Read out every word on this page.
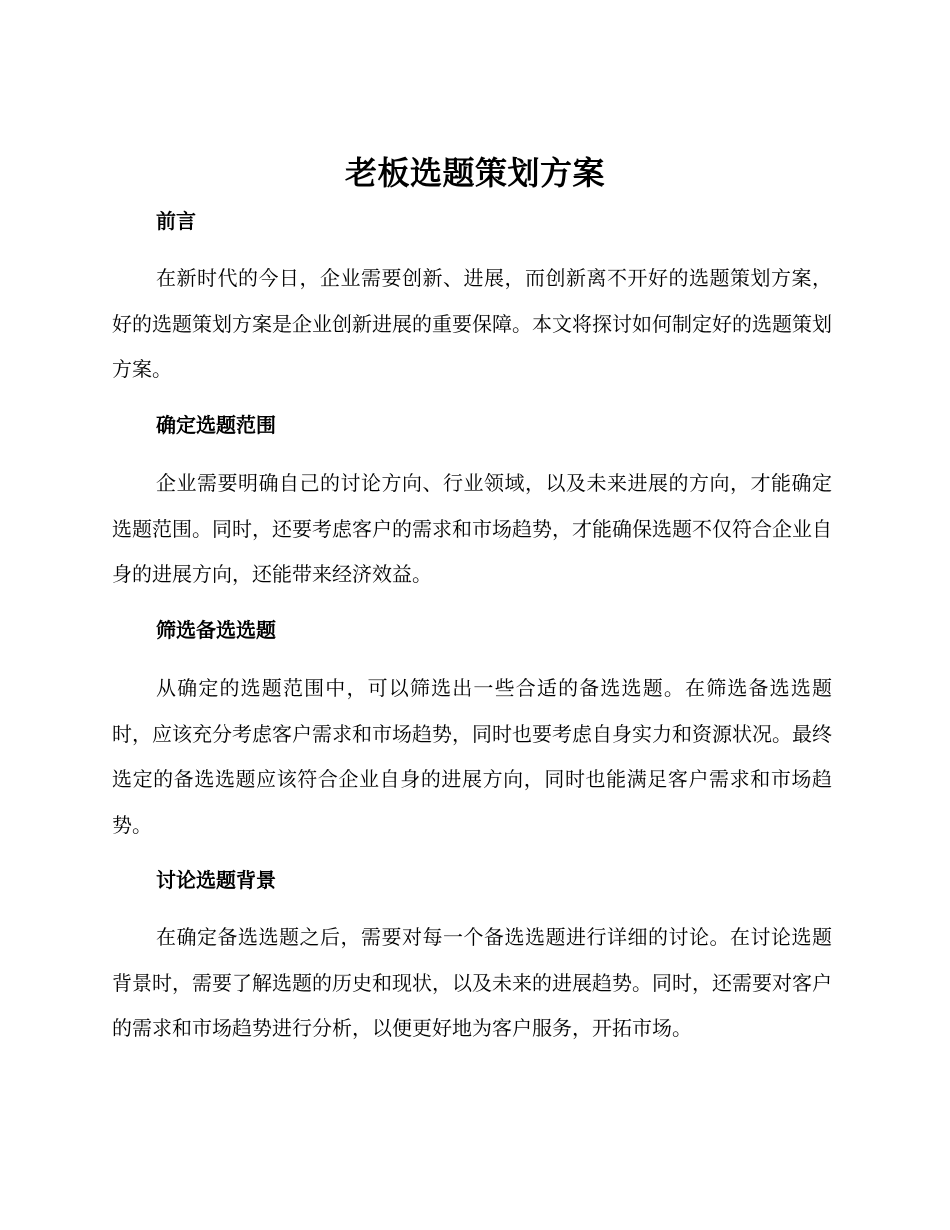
老板选题策划方案
前言

在新时代的今日，企业需要创新、进展，而创新离不开好的选题策划方案，好的选题策划方案是企业创新进展的重要保障。本文将探讨如何制定好的选题策划方案。

确定选题范围

企业需要明确自己的讨论方向、行业领域，以及未来进展的方向，才能确定选题范围。同时，还要考虑客户的需求和市场趋势，才能确保选题不仅符合企业自身的进展方向，还能带来经济效益。

筛选备选选题

从确定的选题范围中，可以筛选出一些合适的备选选题。在筛选备选选题时，应该充分考虑客户需求和市场趋势，同时也要考虑自身实力和资源状况。最终选定的备选选题应该符合企业自身的进展方向，同时也能满足客户需求和市场趋势。

讨论选题背景

在确定备选选题之后，需要对每一个备选选题进行详细的讨论。在讨论选题背景时，需要了解选题的历史和现状，以及未来的进展趋势。同时，还需要对客户的需求和市场趋势进行分析，以便更好地为客户服务，开拓市场。
